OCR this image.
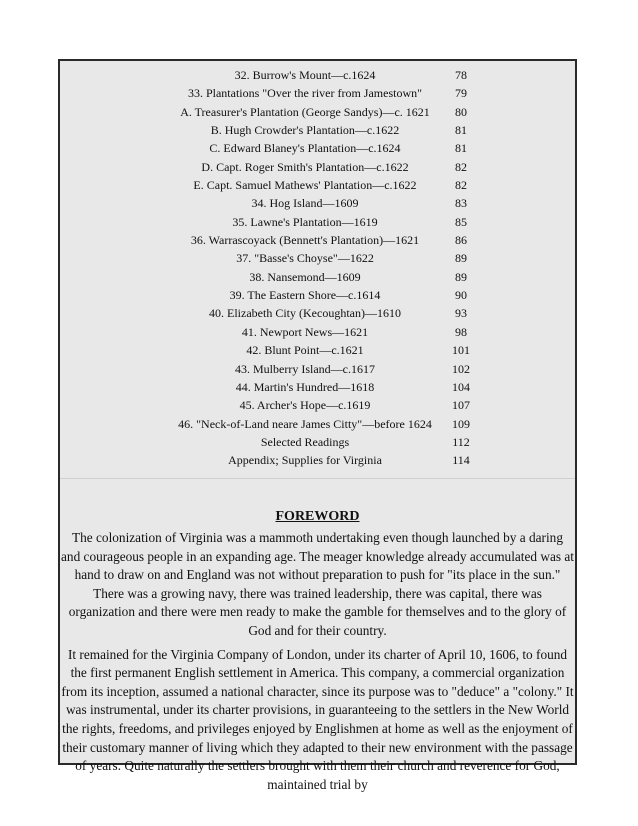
32. Burrow's Mount—c.1624	78
33. Plantations "Over the river from Jamestown"	79
A. Treasurer's Plantation (George Sandys)—c. 1621	80
B. Hugh Crowder's Plantation—c.1622	81
C. Edward Blaney's Plantation—c.1624	81
D. Capt. Roger Smith's Plantation—c.1622	82
E. Capt. Samuel Mathews' Plantation—c.1622	82
34. Hog Island—1609	83
35. Lawne's Plantation—1619	85
36. Warrascoyack (Bennett's Plantation)—1621	86
37. "Basse's Choyse"—1622	89
38. Nansemond—1609	89
39. The Eastern Shore—c.1614	90
40. Elizabeth City (Kecoughtan)—1610	93
41. Newport News—1621	98
42. Blunt Point—c.1621	101
43. Mulberry Island—c.1617	102
44. Martin's Hundred—1618	104
45. Archer's Hope—c.1619	107
46. "Neck-of-Land neare James Citty"—before 1624	109
Selected Readings	112
Appendix; Supplies for Virginia	114
FOREWORD

The colonization of Virginia was a mammoth undertaking even though launched by a daring and courageous people in an expanding age. The meager knowledge already accumulated was at hand to draw on and England was not without preparation to push for "its place in the sun." There was a growing navy, there was trained leadership, there was capital, there was organization and there were men ready to make the gamble for themselves and to the glory of God and for their country.

It remained for the Virginia Company of London, under its charter of April 10, 1606, to found the first permanent English settlement in America. This company, a commercial organization from its inception, assumed a national character, since its purpose was to "deduce" a "colony." It was instrumental, under its charter provisions, in guaranteeing to the settlers in the New World the rights, freedoms, and privileges enjoyed by Englishmen at home as well as the enjoyment of their customary manner of living which they adapted to their new environment with the passage of years. Quite naturally the settlers brought with them their church and reverence for God, maintained trial by
